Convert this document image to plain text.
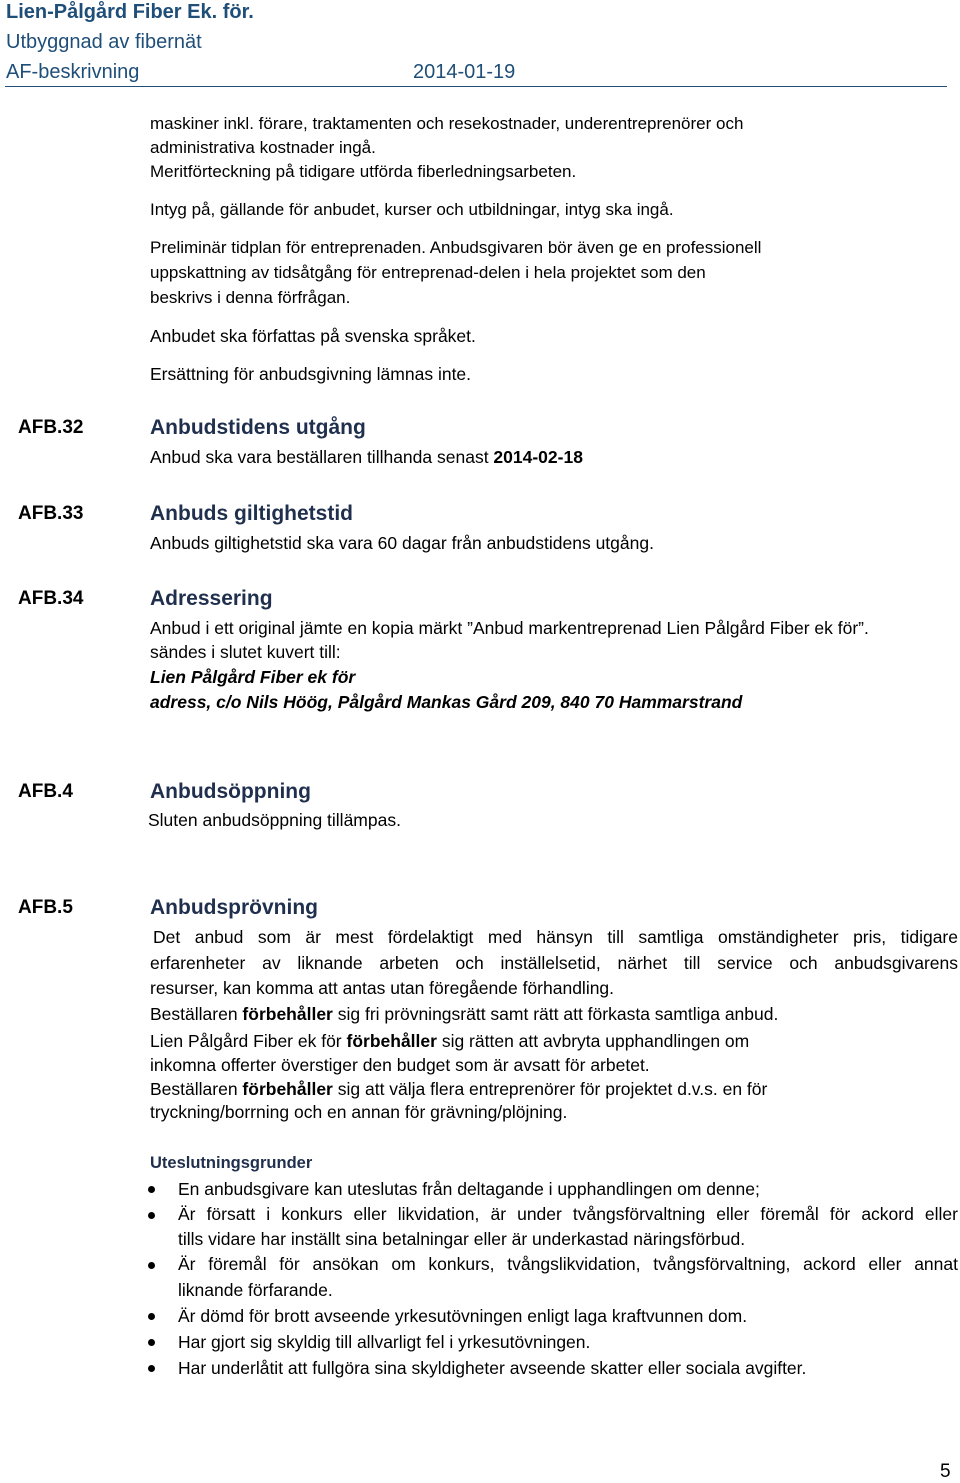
Lien-Pålgård Fiber Ek. för.
Utbyggnad av fibernät
AF-beskrivning	2014-01-19
maskiner inkl. förare, traktamenten och resekostnader, underentreprenörer och
administrativa kostnader ingå.
Meritförteckning på tidigare utförda fiberledningsarbeten.
Intyg på, gällande för anbudet, kurser och utbildningar, intyg ska ingå.
Preliminär tidplan för entreprenaden. Anbudsgivaren bör även ge en professionell
uppskattning av tidsåtgång för entreprenad-delen i hela projektet som den
beskrivs i denna förfrågan.
Anbudet ska författas på svenska språket.
Ersättning för anbudsgivning lämnas inte.
AFB.32	Anbudstidens utgång
Anbud ska vara beställaren tillhanda senast 2014-02-18
AFB.33	Anbuds giltighetstid
Anbuds giltighetstid ska vara 60 dagar från anbudstidens utgång.
AFB.34	Adressering
Anbud i ett original jämte en kopia märkt ”Anbud markentreprenad Lien Pålgård Fiber ek för”.
sändes i slutet kuvert till:
Lien Pålgård Fiber ek för
adress, c/o Nils Höög, Pålgård Mankas Gård 209, 840 70 Hammarstrand
AFB.4	Anbudsöppning
Sluten anbudsöppning tillämpas.
AFB.5	Anbudsprövning
Det anbud som är mest fördelaktigt med hänsyn till samtliga omständigheter pris, tidigare
erfarenheter av liknande arbeten och inställelsetid, närhet till service och anbudsgivarens
resurser, kan komma att antas utan föregående förhandling.
Beställaren förbehåller sig fri prövningsrätt samt rätt att förkasta samtliga anbud.
Lien Pålgård Fiber ek för förbehåller sig rätten att avbryta upphandlingen om
inkomna offerter överstiger den budget som är avsatt för arbetet.
Beställaren förbehåller sig att välja flera entreprenörer för projektet d.v.s. en för
tryckning/borrning och en annan för grävning/plöjning.
Uteslutningsgrunder
En anbudsgivare kan uteslutas från deltagande i upphandlingen om denne;
Är försatt i konkurs eller likvidation, är under tvångsförvaltning eller föremål för ackord eller
tills vidare har inställt sina betalningar eller är underkastad näringsförbud.
Är föremål för ansökan om konkurs, tvångslikvidation, tvångsförvaltning, ackord eller annat
liknande förfarande.
Är dömd för brott avseende yrkesutövningen enligt laga kraftvunnen dom.
Har gjort sig skyldig till allvarligt fel i yrkesutövningen.
Har underlåtit att fullgöra sina skyldigheter avseende skatter eller sociala avgifter.
5
